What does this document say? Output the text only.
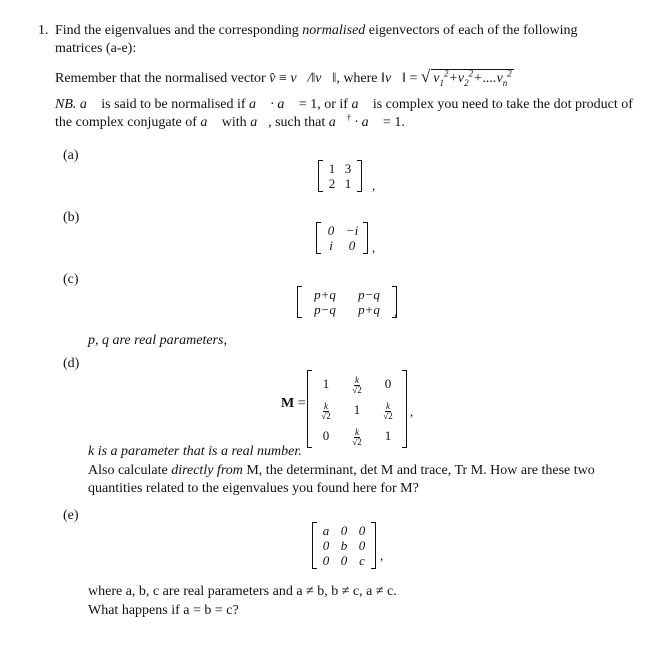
1. Find the eigenvalues and the corresponding normalised eigenvectors of each of the following
matrices (a-e):
Remember that the normalised vector v̂ ≡ v⃗/‖v⃗‖, where ‖v⃗‖ = √ $v_1^2+v_2^2+....v_n^2$
NB. a⃗ is said to be normalised if a⃗ · a⃗ = 1, or if a⃗ is complex you need to take the dot product of
the complex conjugate of a⃗ with a⃗, such that a⃗† · a⃗ = 1.
(a)
1 3
2 1 ,
(b)
0 −i
i 0 ,
(c)
p+q p−q
p−q p+q ,
p, q are real parameters,
(d)
M =
$1 \frac{k}{√2} 0$
$\frac{k}{√2} 1 \frac{k}{√2}$
$0 \frac{k}{√2} 1$
,
k is a parameter that is a real number.
Also calculate directly from M, the determinant, det M and trace, Tr M. How are these two
quantities related to the eigenvalues you found here for M?
(e)
a 0 0
0 b 0
0 0 c ,
where a, b, c are real parameters and a ≠ b, b ≠ c, a ≠ c.
What happens if a = b = c?
